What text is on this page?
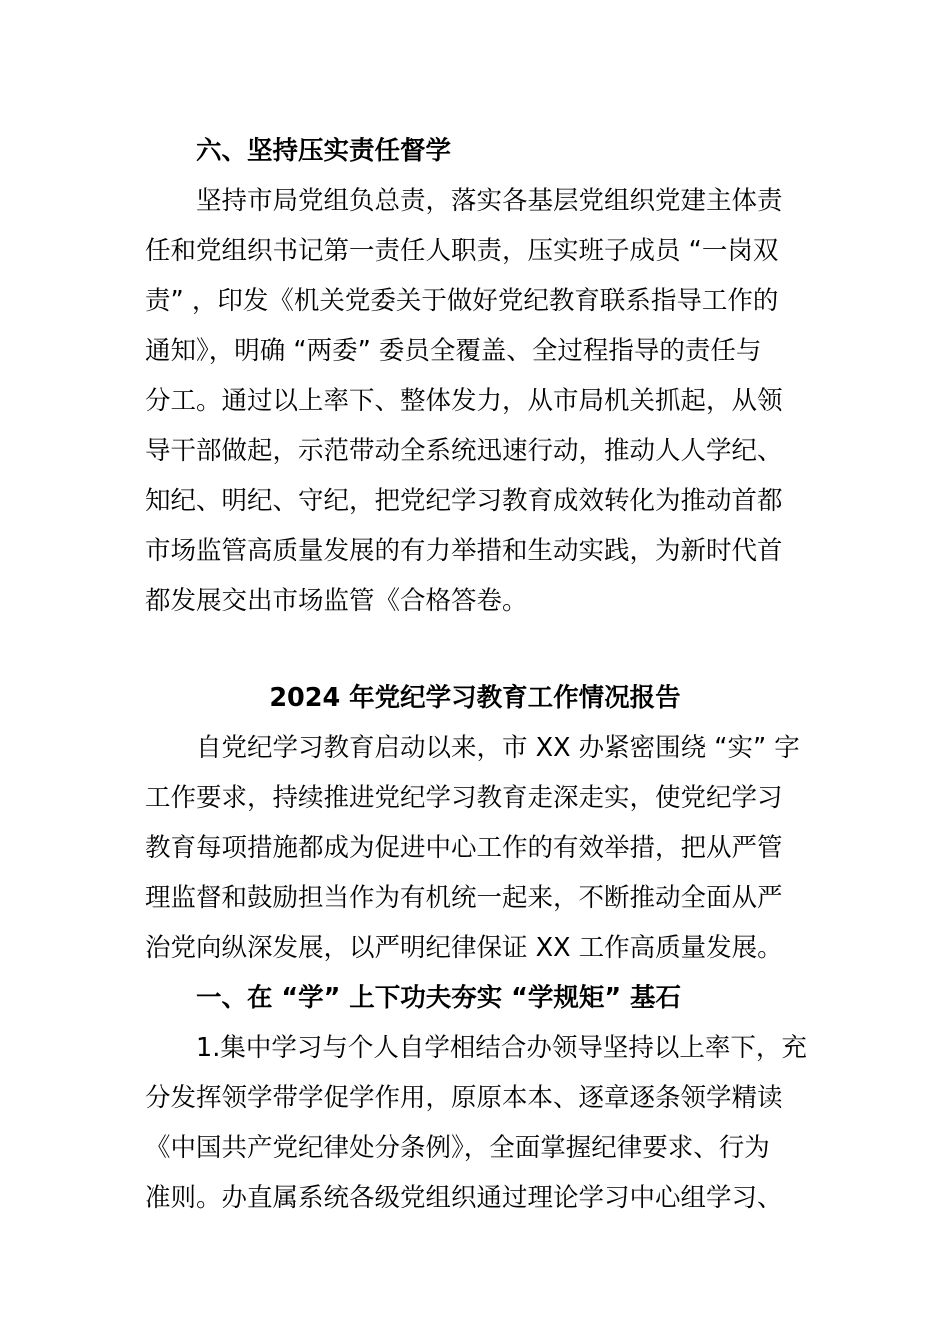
六、坚持压实责任督学
坚持市局党组负总责，落实各基层党组织党建主体责
任和党组织书记第一责任人职责，压实班子成员 “一岗双
责” ，印发《机关党委关于做好党纪教育联系指导工作的
通知》，明确 “两委” 委员全覆盖、全过程指导的责任与
分工。通过以上率下、整体发力，从市局机关抓起，从领
导干部做起，示范带动全系统迅速行动，推动人人学纪、
知纪、明纪、守纪，把党纪学习教育成效转化为推动首都
市场监管高质量发展的有力举措和生动实践，为新时代首
都发展交出市场监管《合格答卷。
2024 年党纪学习教育工作情况报告
自党纪学习教育启动以来，市 XX 办紧密围绕 “实” 字
工作要求，持续推进党纪学习教育走深走实，使党纪学习
教育每项措施都成为促进中心工作的有效举措，把从严管
理监督和鼓励担当作为有机统一起来，不断推动全面从严
治党向纵深发展，以严明纪律保证 XX 工作高质量发展。
一、在 “学” 上下功夫夯实 “学规矩” 基石
1.集中学习与个人自学相结合办领导坚持以上率下，充
分发挥领学带学促学作用，原原本本、逐章逐条领学精读
《中国共产党纪律处分条例》，全面掌握纪律要求、行为
准则。办直属系统各级党组织通过理论学习中心组学习、
